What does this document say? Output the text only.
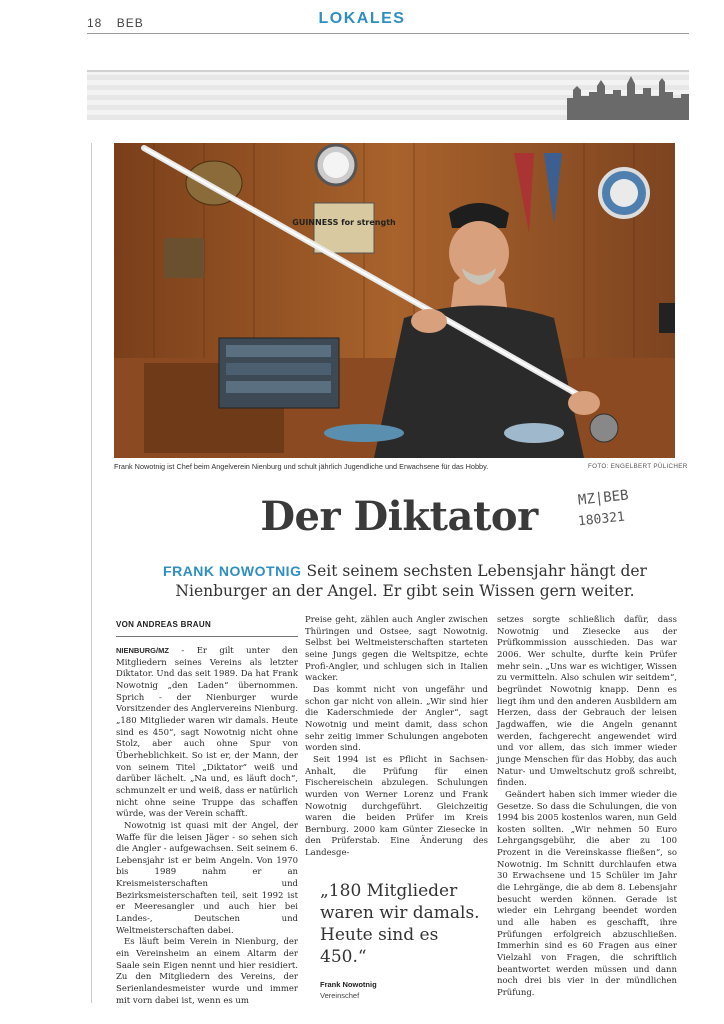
18 BEB	LOKALES
GUINNESS for strength
Frank Nowotnig ist Chef beim Angelverein Nienburg und schult jährlich Jugendliche und Erwachsene für das Hobby.	FOTO: ENGELBERT PÜLICHER
MZ|BEB
180321
Der Diktator
FRANK NOWOTNIG Seit seinem sechsten Lebensjahr hängt der Nienburger an der Angel. Er gibt sein Wissen gern weiter.
VON ANDREAS BRAUN

NIENBURG/MZ - Er gilt unter den Mitgliedern seines Vereins als letzter Diktator. Und das seit 1989. Da hat Frank Nowotnig „den Laden“ übernommen. Sprich - der Nienburger wurde Vorsitzender des Anglervereins Nienburg. „180 Mitglieder waren wir damals. Heute sind es 450“, sagt Nowotnig nicht ohne Stolz, aber auch ohne Spur von Überheblichkeit. So ist er, der Mann, der von seinem Titel „Diktator“ weiß und darüber lächelt. „Na und, es läuft doch“, schmunzelt er und weiß, dass er natürlich nicht ohne seine Truppe das schaffen würde, was der Verein schafft.

Nowotnig ist quasi mit der Angel, der Waffe für die leisen Jäger - so sehen sich die Angler - aufgewachsen. Seit seinem 6. Lebensjahr ist er beim Angeln. Von 1970 bis 1989 nahm er an Kreismeisterschaften und Bezirksmeisterschaften teil, seit 1992 ist er Meeresangler und auch hier bei Landes-, Deutschen und Weltmeisterschaften dabei.

Es läuft beim Verein in Nienburg, der ein Vereinsheim an einem Altarm der Saale sein Eigen nennt und hier residiert. Zu den Mitgliedern des Vereins, der Serienlandesmeister wurde und immer mit vorn dabei ist, wenn es um

Preise geht, zählen auch Angler zwischen Thüringen und Ostsee, sagt Nowotnig. Selbst bei Weltmeisterschaften starteten seine Jungs gegen die Weltspitze, echte Profi-Angler, und schlugen sich in Italien wacker.

Das kommt nicht von ungefähr und schon gar nicht von allein. „Wir sind hier die Kaderschmiede der Angler“, sagt Nowotnig und meint damit, dass schon sehr zeitig immer Schulungen angeboten worden sind.

Seit 1994 ist es Pflicht in Sachsen-Anhalt, die Prüfung für einen Fischereischein abzulegen. Schulungen wurden von Werner Lorenz und Frank Nowotnig durchgeführt. Gleichzeitig waren die beiden Prüfer im Kreis Bernburg. 2000 kam Günter Ziesecke in den Prüferstab. Eine Änderung des Landesge-

setzes sorgte schließlich dafür, dass Nowotnig und Ziesecke aus der Prüfkommission ausschieden. Das war 2006. Wer schulte, durfte kein Prüfer mehr sein. „Uns war es wichtiger, Wissen zu vermitteln. Also schulen wir seitdem“, begründet Nowotnig knapp. Denn es liegt ihm und den anderen Ausbildern am Herzen, dass der Gebrauch der leisen Jagdwaffen, wie die Angeln genannt werden, fachgerecht angewendet wird und vor allem, das sich immer wieder junge Menschen für das Hobby, das auch Natur- und Umweltschutz groß schreibt, finden.

Geändert haben sich immer wieder die Gesetze. So dass die Schulungen, die von 1994 bis 2005 kostenlos waren, nun Geld kosten sollten. „Wir nehmen 50 Euro Lehrgangsgebühr, die aber zu 100 Prozent in die Vereinskasse fließen“, so Nowotnig. Im Schnitt durchlaufen etwa 30 Erwachsene und 15 Schüler im Jahr die Lehrgänge, die ab dem 8. Lebensjahr besucht werden können. Gerade ist wieder ein Lehrgang beendet worden und alle haben es geschafft, ihre Prüfungen erfolgreich abzuschließen. Immerhin sind es 60 Fragen aus einer Vielzahl von Fragen, die schriftlich beantwortet werden müssen und dann noch drei bis vier in der mündlichen Prüfung.

„180 Mitglieder waren wir damals. Heute sind es 450.“
Frank Nowotnig
Vereinschef
